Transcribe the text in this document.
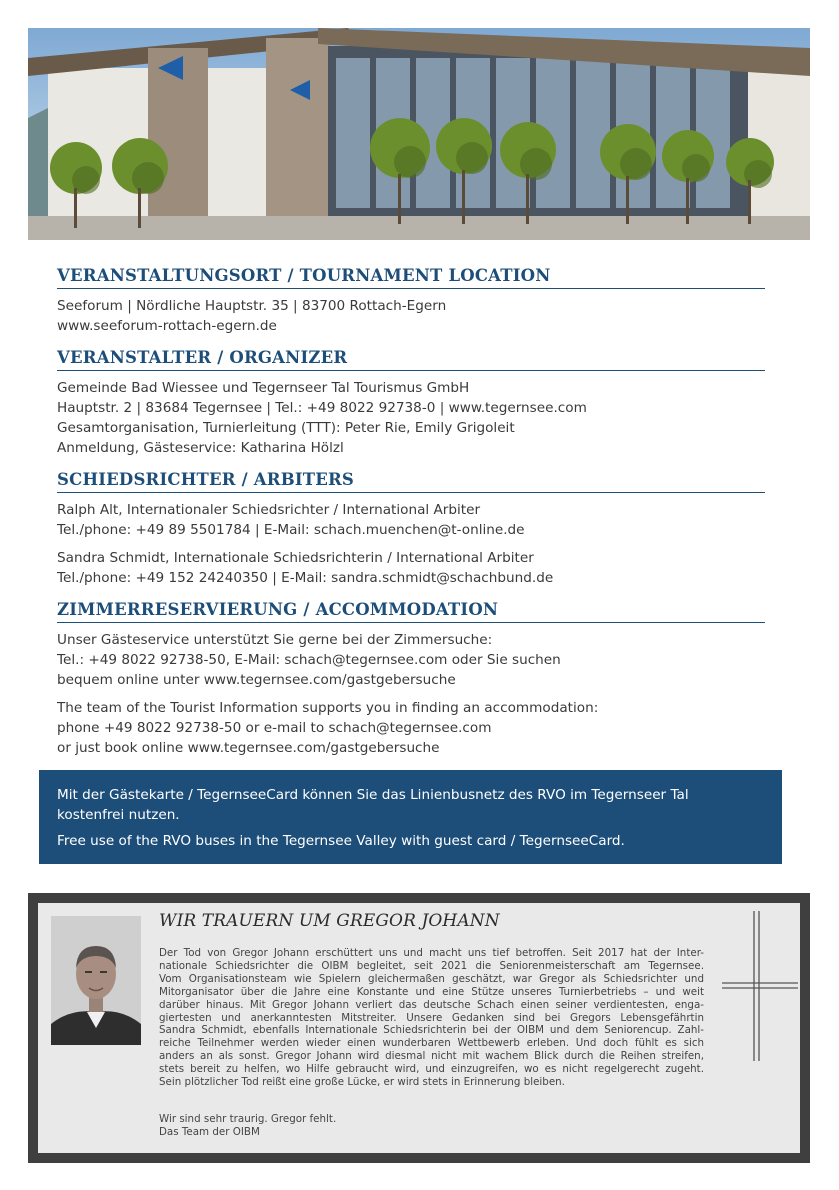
VERANSTALTUNGSORT / TOURNAMENT LOCATION
Seeforum | Nördliche Hauptstr. 35 | 83700 Rottach-Egern
www.seeforum-rottach-egern.de
VERANSTALTER / ORGANIZER
Gemeinde Bad Wiessee und Tegernseer Tal Tourismus GmbH
Hauptstr. 2 | 83684 Tegernsee | Tel.: +49 8022 92738-0 | www.tegernsee.com
Gesamtorganisation, Turnierleitung (TTT): Peter Rie, Emily Grigoleit
Anmeldung, Gästeservice: Katharina Hölzl
SCHIEDSRICHTER / ARBITERS
Ralph Alt, Internationaler Schiedsrichter / International Arbiter
Tel./phone: +49 89 5501784 | E-Mail: schach.muenchen@t-online.de
Sandra Schmidt, Internationale Schiedsrichterin / International Arbiter
Tel./phone: +49 152 24240350 | E-Mail: sandra.schmidt@schachbund.de
ZIMMERRESERVIERUNG / ACCOMMODATION
Unser Gästeservice unterstützt Sie gerne bei der Zimmersuche:
Tel.: +49 8022 92738-50, E-Mail: schach@tegernsee.com oder Sie suchen
bequem online unter www.tegernsee.com/gastgebersuche
The team of the Tourist Information supports you in finding an accommodation:
phone +49 8022 92738-50 or e-mail to schach@tegernsee.com
or just book online www.tegernsee.com/gastgebersuche
Mit der Gästekarte / TegernseeCard können Sie das Linienbusnetz des RVO im Tegernseer Tal
kostenfrei nutzen.
Free use of the RVO buses in the Tegernsee Valley with guest card / TegernseeCard.
WIR TRAUERN UM GREGOR JOHANN
Der Tod von Gregor Johann erschüttert uns und macht uns tief betroffen. Seit 2017 hat der Inter-
nationale Schiedsrichter die OIBM begleitet, seit 2021 die Seniorenmeisterschaft am Tegernsee.
Vom Organisationsteam wie Spielern gleichermaßen geschätzt, war Gregor als Schiedsrichter und
Mitorganisator über die Jahre eine Konstante und eine Stütze unseres Turnierbetriebs – und weit
darüber hinaus. Mit Gregor Johann verliert das deutsche Schach einen seiner verdientesten, enga-
giertesten und anerkanntesten Mitstreiter. Unsere Gedanken sind bei Gregors Lebensgefährtin
Sandra Schmidt, ebenfalls Internationale Schiedsrichterin bei der OIBM und dem Seniorencup. Zahl-
reiche Teilnehmer werden wieder einen wunderbaren Wettbewerb erleben. Und doch fühlt es sich
anders an als sonst. Gregor Johann wird diesmal nicht mit wachem Blick durch die Reihen streifen,
stets bereit zu helfen, wo Hilfe gebraucht wird, und einzugreifen, wo es nicht regelgerecht zugeht.
Sein plötzlicher Tod reißt eine große Lücke, er wird stets in Erinnerung bleiben.
Wir sind sehr traurig. Gregor fehlt.
Das Team der OIBM
